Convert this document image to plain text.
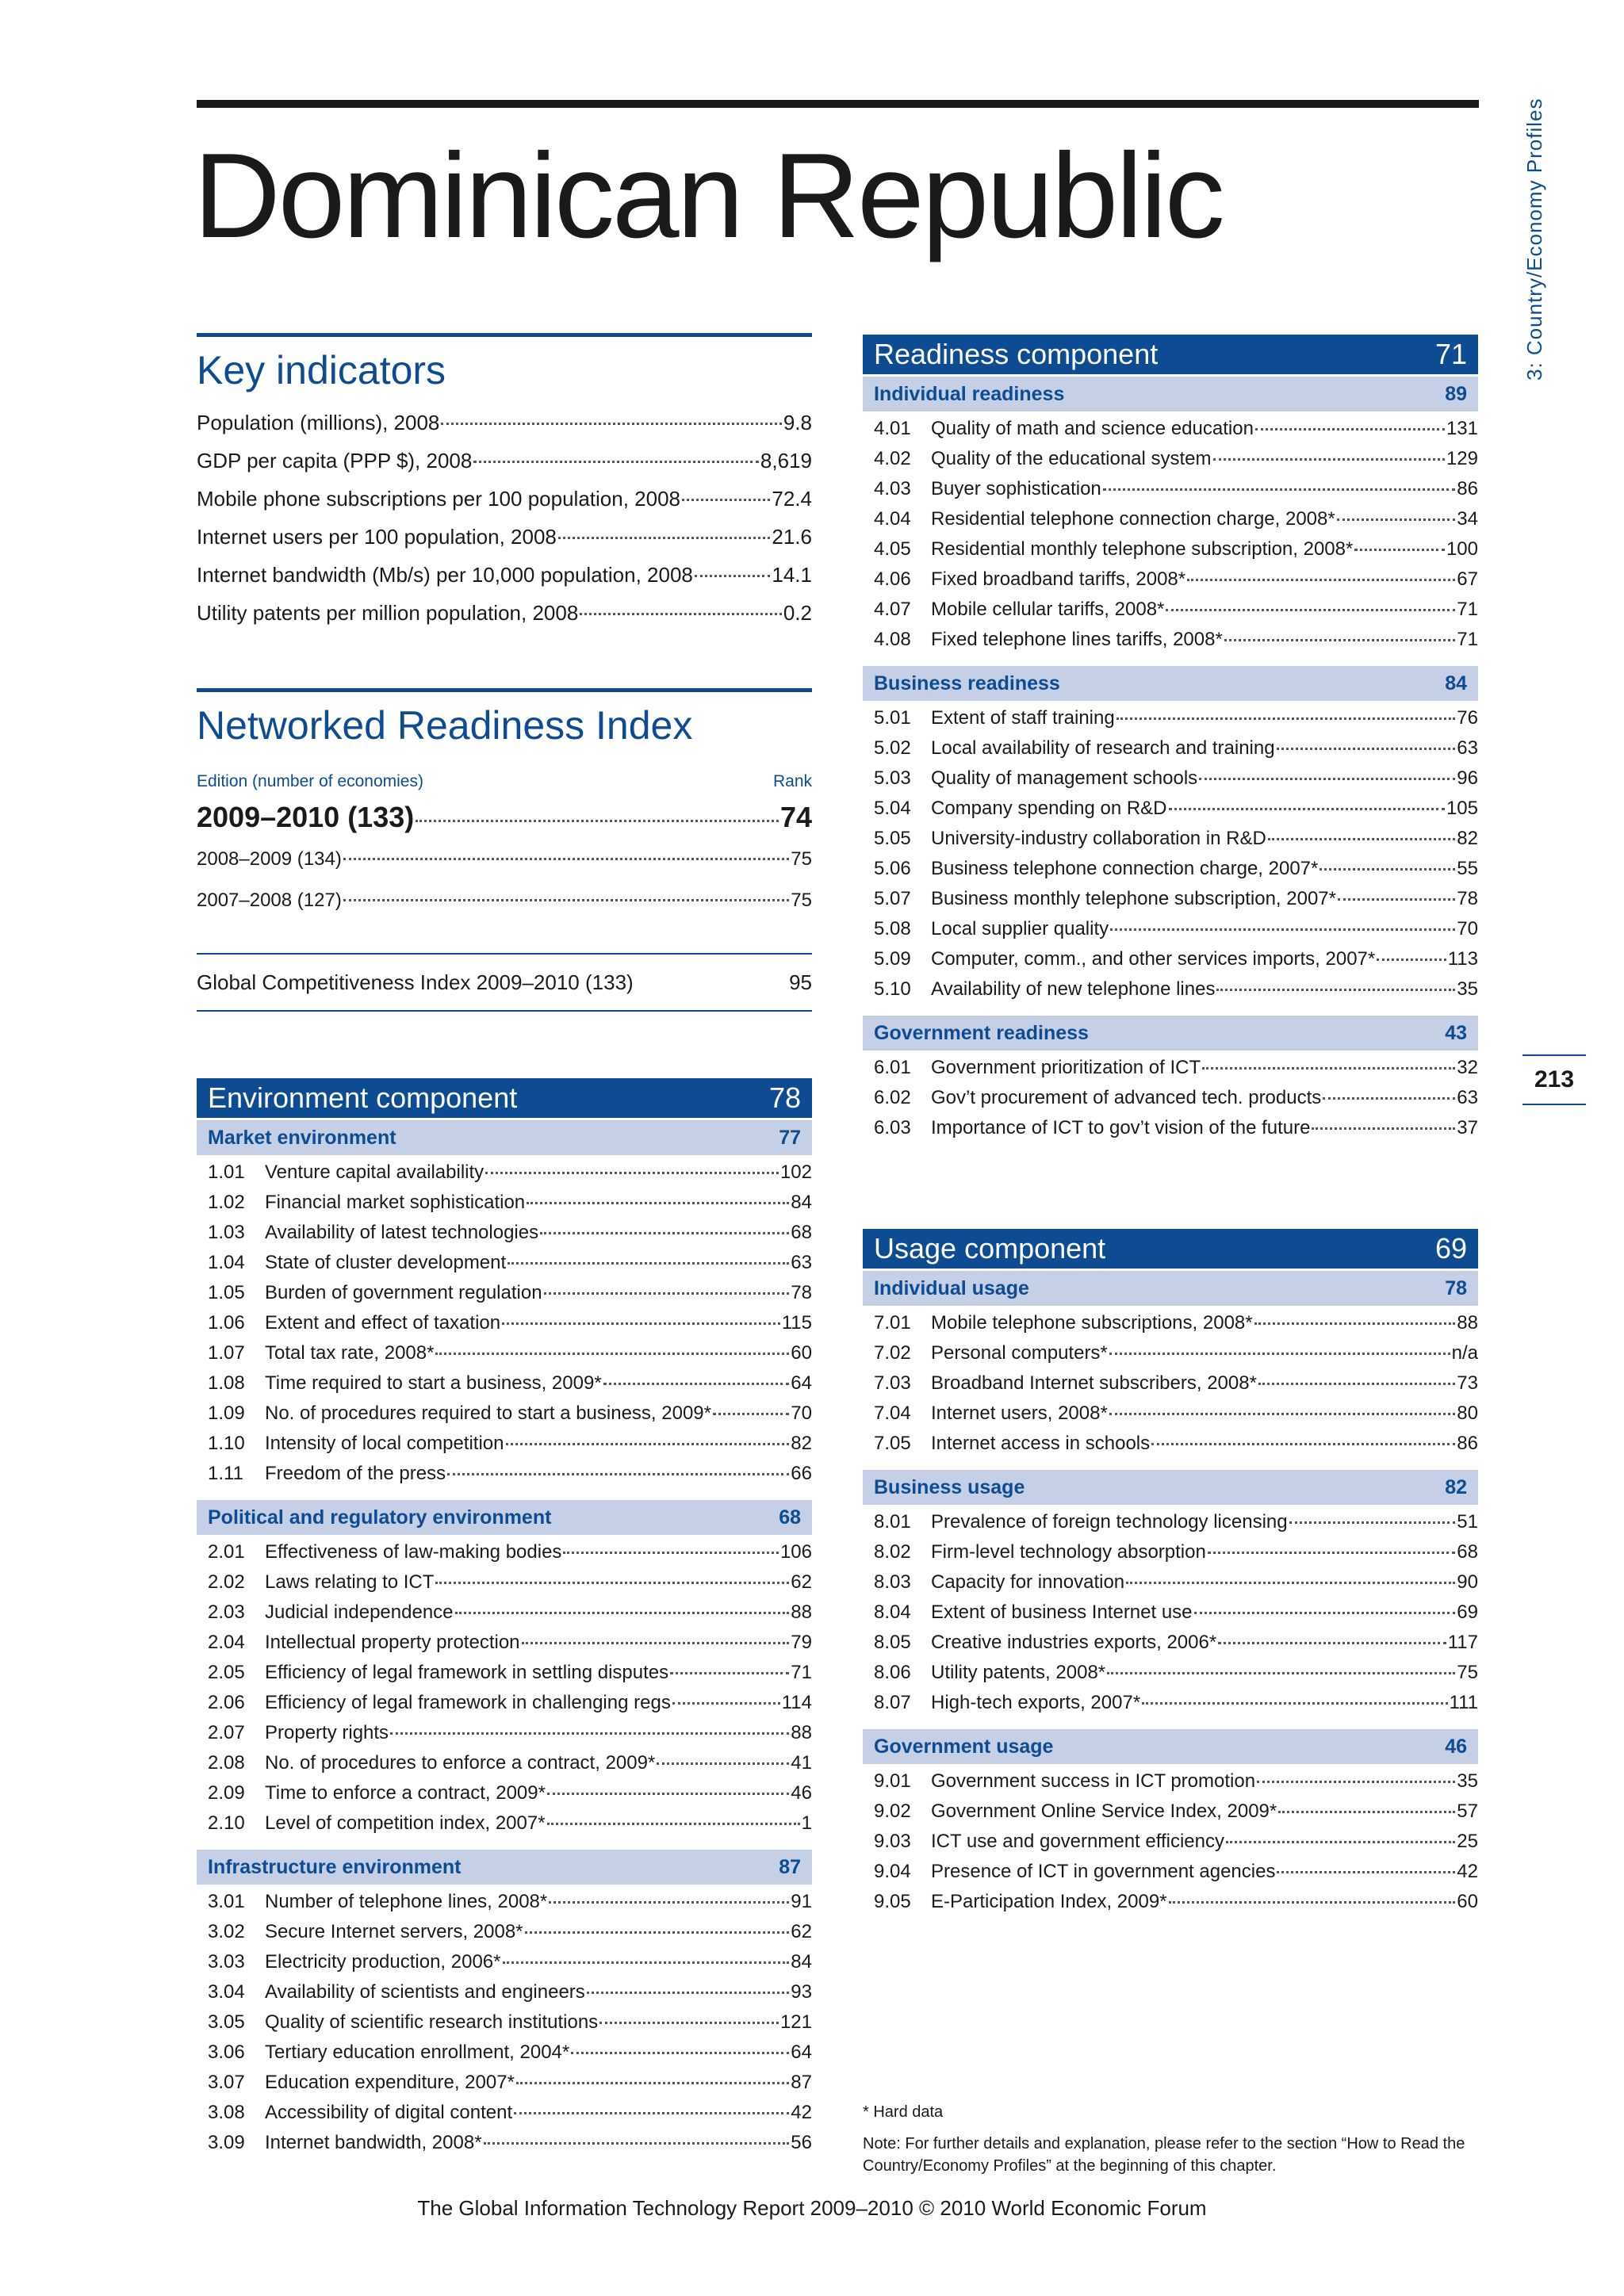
Dominican Republic	3: Country/Economy Profiles
213
Key indicators
Population (millions), 2008	9.8
GDP per capita (PPP $), 2008	8,619
Mobile phone subscriptions per 100 population, 2008	72.4
Internet users per 100 population, 2008	21.6
Internet bandwidth (Mb/s) per 10,000 population, 2008	14.1
Utility patents per million population, 2008	0.2
Networked Readiness Index
Edition (number of economies)	Rank
2009–2010 (133)	74
2008–2009 (134)	75
2007–2008 (127)	75
Global Competitiveness Index 2009–2010 (133)	95
Environment component	78
Market environment	77
1.01	Venture capital availability	102
1.02	Financial market sophistication	84
1.03	Availability of latest technologies	68
1.04	State of cluster development	63
1.05	Burden of government regulation	78
1.06	Extent and effect of taxation	115
1.07	Total tax rate, 2008*	60
1.08	Time required to start a business, 2009*	64
1.09	No. of procedures required to start a business, 2009*	70
1.10	Intensity of local competition	82
1.11	Freedom of the press	66
Political and regulatory environment	68
2.01	Effectiveness of law-making bodies	106
2.02	Laws relating to ICT	62
2.03	Judicial independence	88
2.04	Intellectual property protection	79
2.05	Efficiency of legal framework in settling disputes	71
2.06	Efficiency of legal framework in challenging regs	114
2.07	Property rights	88
2.08	No. of procedures to enforce a contract, 2009*	41
2.09	Time to enforce a contract, 2009*	46
2.10	Level of competition index, 2007*	1
Infrastructure environment	87
3.01	Number of telephone lines, 2008*	91
3.02	Secure Internet servers, 2008*	62
3.03	Electricity production, 2006*	84
3.04	Availability of scientists and engineers	93
3.05	Quality of scientific research institutions	121
3.06	Tertiary education enrollment, 2004*	64
3.07	Education expenditure, 2007*	87
3.08	Accessibility of digital content	42
3.09	Internet bandwidth, 2008*	56
Readiness component	71
Individual readiness	89
4.01	Quality of math and science education	131
4.02	Quality of the educational system	129
4.03	Buyer sophistication	86
4.04	Residential telephone connection charge, 2008*	34
4.05	Residential monthly telephone subscription, 2008*	100
4.06	Fixed broadband tariffs, 2008*	67
4.07	Mobile cellular tariffs, 2008*	71
4.08	Fixed telephone lines tariffs, 2008*	71
Business readiness	84
5.01	Extent of staff training	76
5.02	Local availability of research and training	63
5.03	Quality of management schools	96
5.04	Company spending on R&D	105
5.05	University-industry collaboration in R&D	82
5.06	Business telephone connection charge, 2007*	55
5.07	Business monthly telephone subscription, 2007*	78
5.08	Local supplier quality	70
5.09	Computer, comm., and other services imports, 2007*	113
5.10	Availability of new telephone lines	35
Government readiness	43
6.01	Government prioritization of ICT	32
6.02	Gov’t procurement of advanced tech. products	63
6.03	Importance of ICT to gov’t vision of the future	37
Usage component	69
Individual usage	78
7.01	Mobile telephone subscriptions, 2008*	88
7.02	Personal computers*	n/a
7.03	Broadband Internet subscribers, 2008*	73
7.04	Internet users, 2008*	80
7.05	Internet access in schools	86
Business usage	82
8.01	Prevalence of foreign technology licensing	51
8.02	Firm-level technology absorption	68
8.03	Capacity for innovation	90
8.04	Extent of business Internet use	69
8.05	Creative industries exports, 2006*	117
8.06	Utility patents, 2008*	75
8.07	High-tech exports, 2007*	111
Government usage	46
9.01	Government success in ICT promotion	35
9.02	Government Online Service Index, 2009*	57
9.03	ICT use and government efficiency	25
9.04	Presence of ICT in government agencies	42
9.05	E-Participation Index, 2009*	60
* Hard data
Note: For further details and explanation, please refer to the section “How to Read the Country/Economy Profiles” at the beginning of this chapter.
The Global Information Technology Report 2009–2010 © 2010 World Economic Forum
